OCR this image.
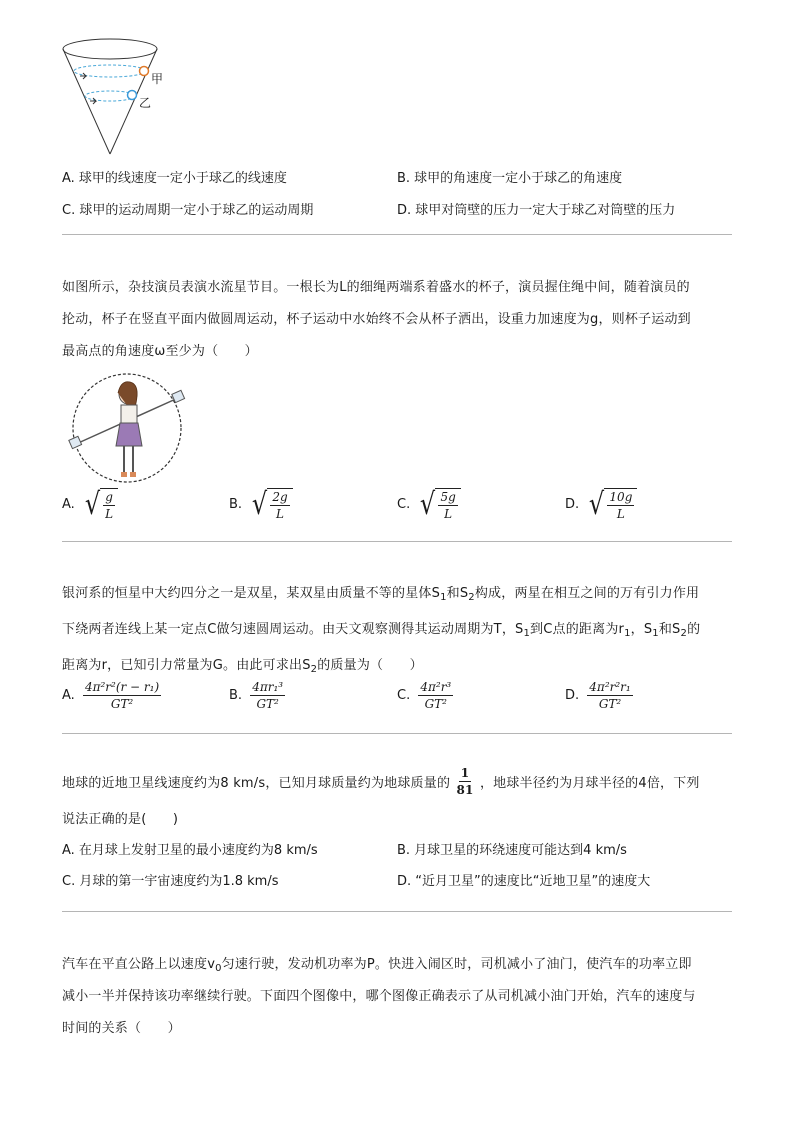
甲
乙
A. 球甲的线速度一定小于球乙的线速度	B. 球甲的角速度一定小于球乙的角速度
C. 球甲的运动周期一定小于球乙的运动周期	D. 球甲对筒壁的压力一定大于球乙对筒壁的压力
如图所示，杂技演员表演水流星节目。一根长为L的细绳两端系着盛水的杯子，演员握住绳中间，随着演员的
抡动，杯子在竖直平面内做圆周运动，杯子运动中水始终不会从杯子洒出，设重力加速度为g，则杯子运动到
最高点的角速度ω至少为（　　）
A. √ $\frac{g}{L}$	B. √ $\frac{2g}{L}$	C. √ $\frac{5g}{L}$	D. √ $\frac{10g}{L}$
银河系的恒星中大约四分之一是双星，某双星由质量不等的星体$S_1$和$S_2$构成，两星在相互之间的万有引力作用
下绕两者连线上某一定点C做匀速圆周运动。由天文观察测得其运动周期为T，$S_1$到C点的距离为$r_1$，$S_1$和$S_2$的
距离为r，已知引力常量为G。由此可求出$S_2$的质量为（　　）
A. $\frac{\text{4π²r²(r − r₁)}}{\text{GT²}}$	B. $\frac{\text{4πr₁³}}{\text{GT²}}$	C. $\frac{\text{4π²r³}}{\text{GT²}}$	D. $\frac{\text{4π²r²r₁}}{\text{GT²}}$
地球的近地卫星线速度约为8 km/s，已知月球质量约为地球质量的 $\frac{1}{81}$ ，地球半径约为月球半径的4倍，下列
说法正确的是(　　)
A. 在月球上发射卫星的最小速度约为8 km/s	B. 月球卫星的环绕速度可能达到4 km/s
C. 月球的第一宇宙速度约为1.8 km/s	D. “近月卫星”的速度比“近地卫星”的速度大
汽车在平直公路上以速度$v_0$匀速行驶，发动机功率为P。快进入闹区时，司机减小了油门，使汽车的功率立即
减小一半并保持该功率继续行驶。下面四个图像中，哪个图像正确表示了从司机减小油门开始，汽车的速度与
时间的关系（　　）
